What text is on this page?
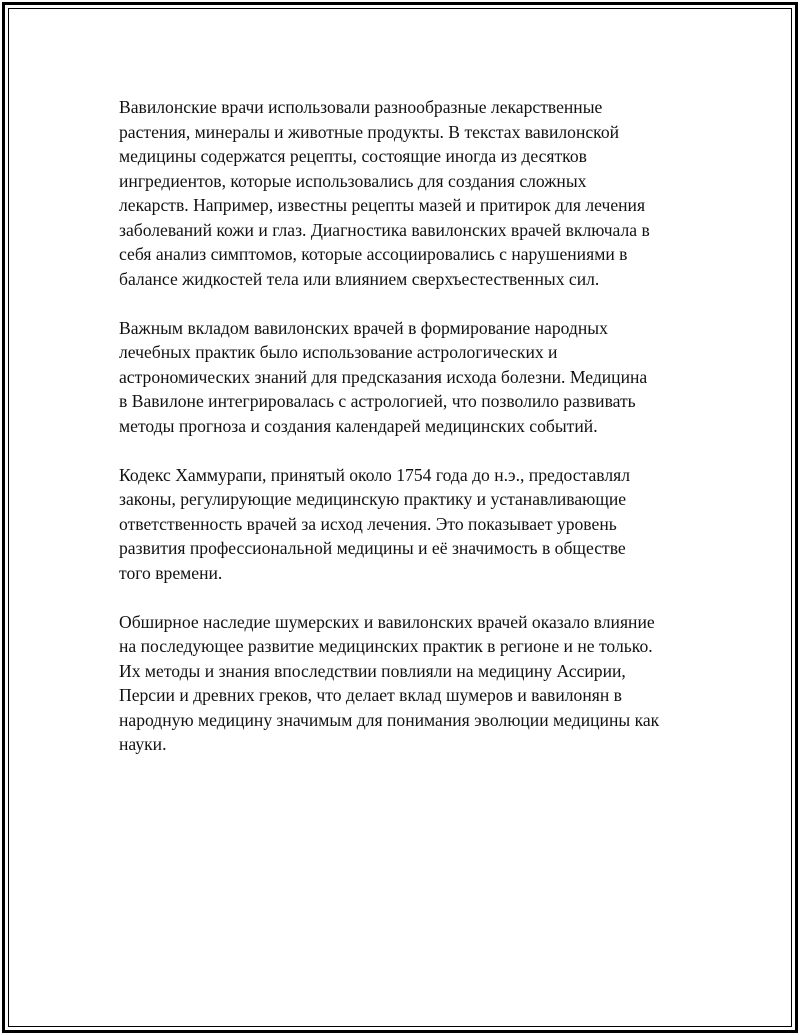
Вавилонские врачи использовали разнообразные лекарственные
растения, минералы и животные продукты. В текстах вавилонской
медицины содержатся рецепты, состоящие иногда из десятков
ингредиентов, которые использовались для создания сложных
лекарств. Например, известны рецепты мазей и притирок для лечения
заболеваний кожи и глаз. Диагностика вавилонских врачей включала в
себя анализ симптомов, которые ассоциировались с нарушениями в
балансе жидкостей тела или влиянием сверхъестественных сил.

Важным вкладом вавилонских врачей в формирование народных
лечебных практик было использование астрологических и
астрономических знаний для предсказания исхода болезни. Медицина
в Вавилоне интегрировалась с астрологией, что позволило развивать
методы прогноза и создания календарей медицинских событий.

Кодекс Хаммурапи, принятый около 1754 года до н.э., предоставлял
законы, регулирующие медицинскую практику и устанавливающие
ответственность врачей за исход лечения. Это показывает уровень
развития профессиональной медицины и её значимость в обществе
того времени.

Обширное наследие шумерских и вавилонских врачей оказало влияние
на последующее развитие медицинских практик в регионе и не только.
Их методы и знания впоследствии повлияли на медицину Ассирии,
Персии и древних греков, что делает вклад шумеров и вавилонян в
народную медицину значимым для понимания эволюции медицины как
науки.
